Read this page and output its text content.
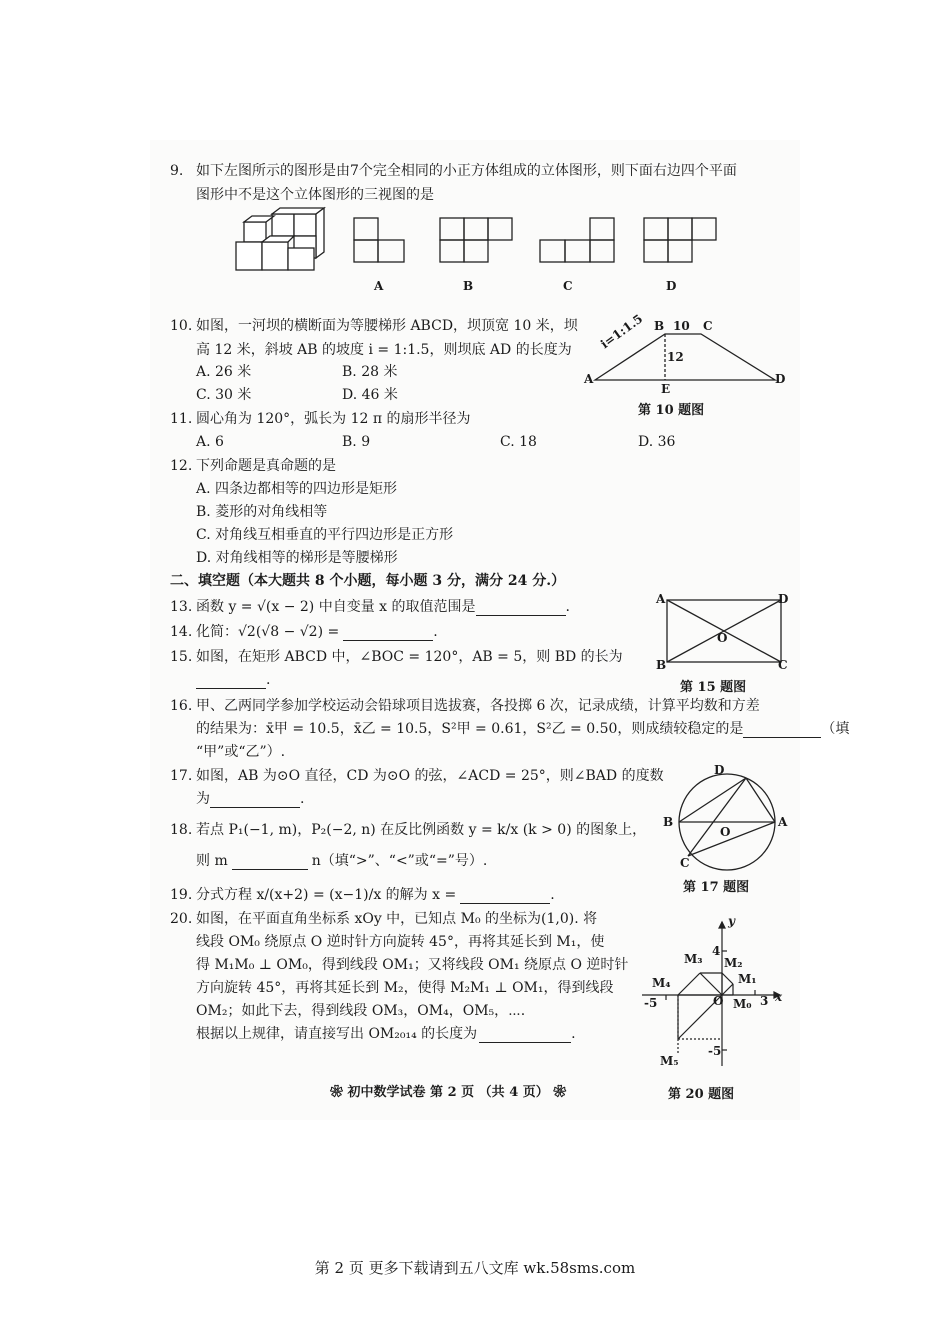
9. 如下左图所示的图形是由7个完全相同的小正方体组成的立体图形，则下面右边四个平面
图形中不是这个立体图形的三视图的是
A	B	C	D
10. 如图，一河坝的横断面为等腰梯形 ABCD，坝顶宽 10 米，坝
高 12 米，斜坡 AB 的坡度 i = 1:1.5，则坝底 AD 的长度为
A. 26 米	B. 28 米
C. 30 米	D. 46 米
A
B	C
D
E
10
12
i=1:1.5
第 10 题图
11. 圆心角为 120°，弧长为 12 π 的扇形半径为
A. 6	B. 9	C. 18	D. 36
12. 下列命题是真命题的是
A. 四条边都相等的四边形是矩形
B. 菱形的对角线相等
C. 对角线互相垂直的平行四边形是正方形
D. 对角线相等的梯形是等腰梯形
二、填空题（本大题共 8 个小题，每小题 3 分，满分 24 分.）
13. 函数 y = √(x − 2) 中自变量 x 的取值范围是	.
14. 化简：√2(√8 − √2) =	.
15. 如图，在矩形 ABCD 中，∠BOC = 120°，AB = 5，则 BD 的长为
.
A	D
B	C
O
第 15 题图
16. 甲、乙两同学参加学校运动会铅球项目选拔赛，各投掷 6 次，记录成绩，计算平均数和方差
的结果为：x̄甲 = 10.5，x̄乙 = 10.5，S²甲 = 0.61，S²乙 = 0.50，则成绩较稳定的是	（填
“甲”或“乙”）.
17. 如图，AB 为⊙O 直径，CD 为⊙O 的弦，∠ACD = 25°，则∠BAD 的度数
为	.
D
B	A
C
O
第 17 题图
18. 若点 P₁(−1, m)，P₂(−2, n) 在反比例函数 y = k/x (k > 0) 的图象上，
则 m	n（填“>”、“<”或“=”号）.
19. 分式方程 x/(x+2) = (x−1)/x 的解为 x =	.
20. 如图，在平面直角坐标系 xOy 中，已知点 M₀ 的坐标为(1,0). 将
线段 OM₀ 绕原点 O 逆时针方向旋转 45°，再将其延长到 M₁，使
得 M₁M₀ ⊥ OM₀，得到线段 OM₁；又将线段 OM₁ 绕原点 O 逆时针
方向旋转 45°，再将其延长到 M₂，使得 M₂M₁ ⊥ OM₁，得到线段
OM₂；如此下去，得到线段 OM₃，OM₄，OM₅，⋯.
根据以上规律，请直接写出 OM₂₀₁₄ 的长度为	.
y
x
4
-5
-5	3
O M₀
M₁
M₂
M₃
M₄
M₅
第 20 题图
❀ 初中数学试卷 第 2 页 （共 4 页） ❀
第 2 页 更多下载请到五八文库 wk.58sms.com
